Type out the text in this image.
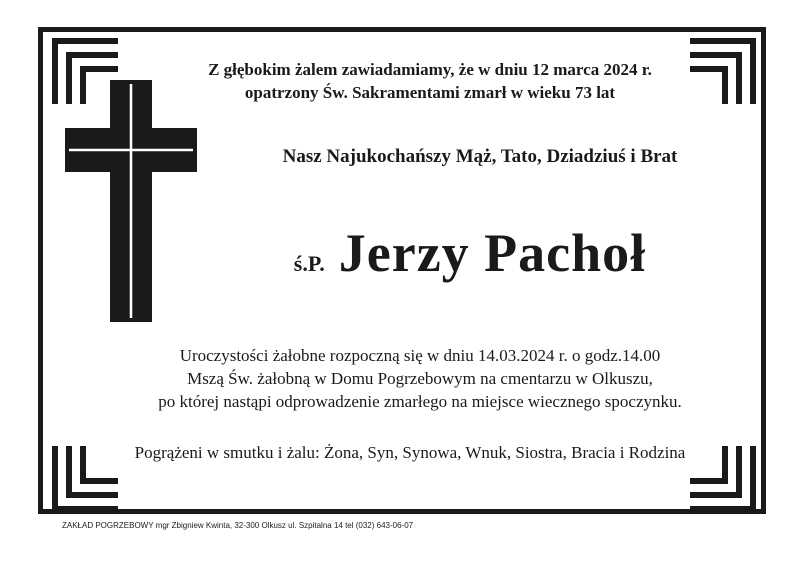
Z głębokim żalem zawiadamiamy, że w dniu 12 marca 2024 r.
opatrzony Św. Sakramentami zmarł w wieku 73 lat
Nasz Najukochańszy Mąż, Tato, Dziadziuś i Brat
ś.P. Jerzy Pachoł
Uroczystości żałobne rozpoczną się w dniu 14.03.2024 r. o godz.14.00
Mszą Św. żałobną w Domu Pogrzebowym na cmentarzu w Olkuszu,
po której nastąpi odprowadzenie zmarłego na miejsce wiecznego spoczynku.
Pogrążeni w smutku i żalu: Żona, Syn, Synowa, Wnuk, Siostra, Bracia i Rodzina
ZAKŁAD POGRZEBOWY mgr Zbigniew Kwinta, 32-300 Olkusz ul. Szpitalna 14 tel (032) 643-06-07
